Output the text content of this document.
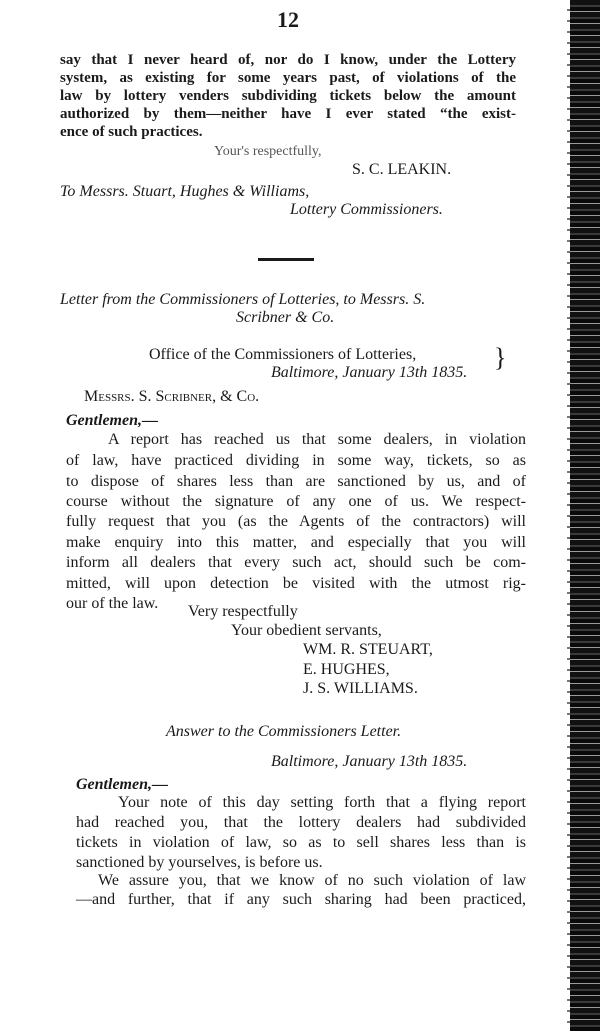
12
say that I never heard of, nor do I know, under the Lottery
system, as existing for some years past, of violations of the
law by lottery venders subdividing tickets below the amount
authorized by them—neither have I ever stated “the exist-
ence of such practices.
Your's respectfully,
S. C. LEAKIN.
To Messrs. Stuart, Hughes & Williams,
Lottery Commissioners.
Letter from the Commissioners of Lotteries, to Messrs. S.
Scribner & Co.
Office of the Commissioners of Lotteries,
Baltimore, January 13th 1835.
}
Messrs. S. Scribner, & Co.
Gentlemen,—
A report has reached us that some dealers, in violation
of law, have practiced dividing in some way, tickets, so as
to dispose of shares less than are sanctioned by us, and of
course without the signature of any one of us. We respect-
fully request that you (as the Agents of the contractors) will
make enquiry into this matter, and especially that you will
inform all dealers that every such act, should such be com-
mitted, will upon detection be visited with the utmost rig-
our of the law. Very respectfully
Your obedient servants,
WM. R. STEUART,
E. HUGHES,
J. S. WILLIAMS.
Answer to the Commissioners Letter.
Baltimore, January 13th 1835.
Gentlemen,—
Your note of this day setting forth that a flying report
had reached you, that the lottery dealers had subdivided
tickets in violation of law, so as to sell shares less than is
sanctioned by yourselves, is before us.
We assure you, that we know of no such violation of law
—and further, that if any such sharing had been practiced,
